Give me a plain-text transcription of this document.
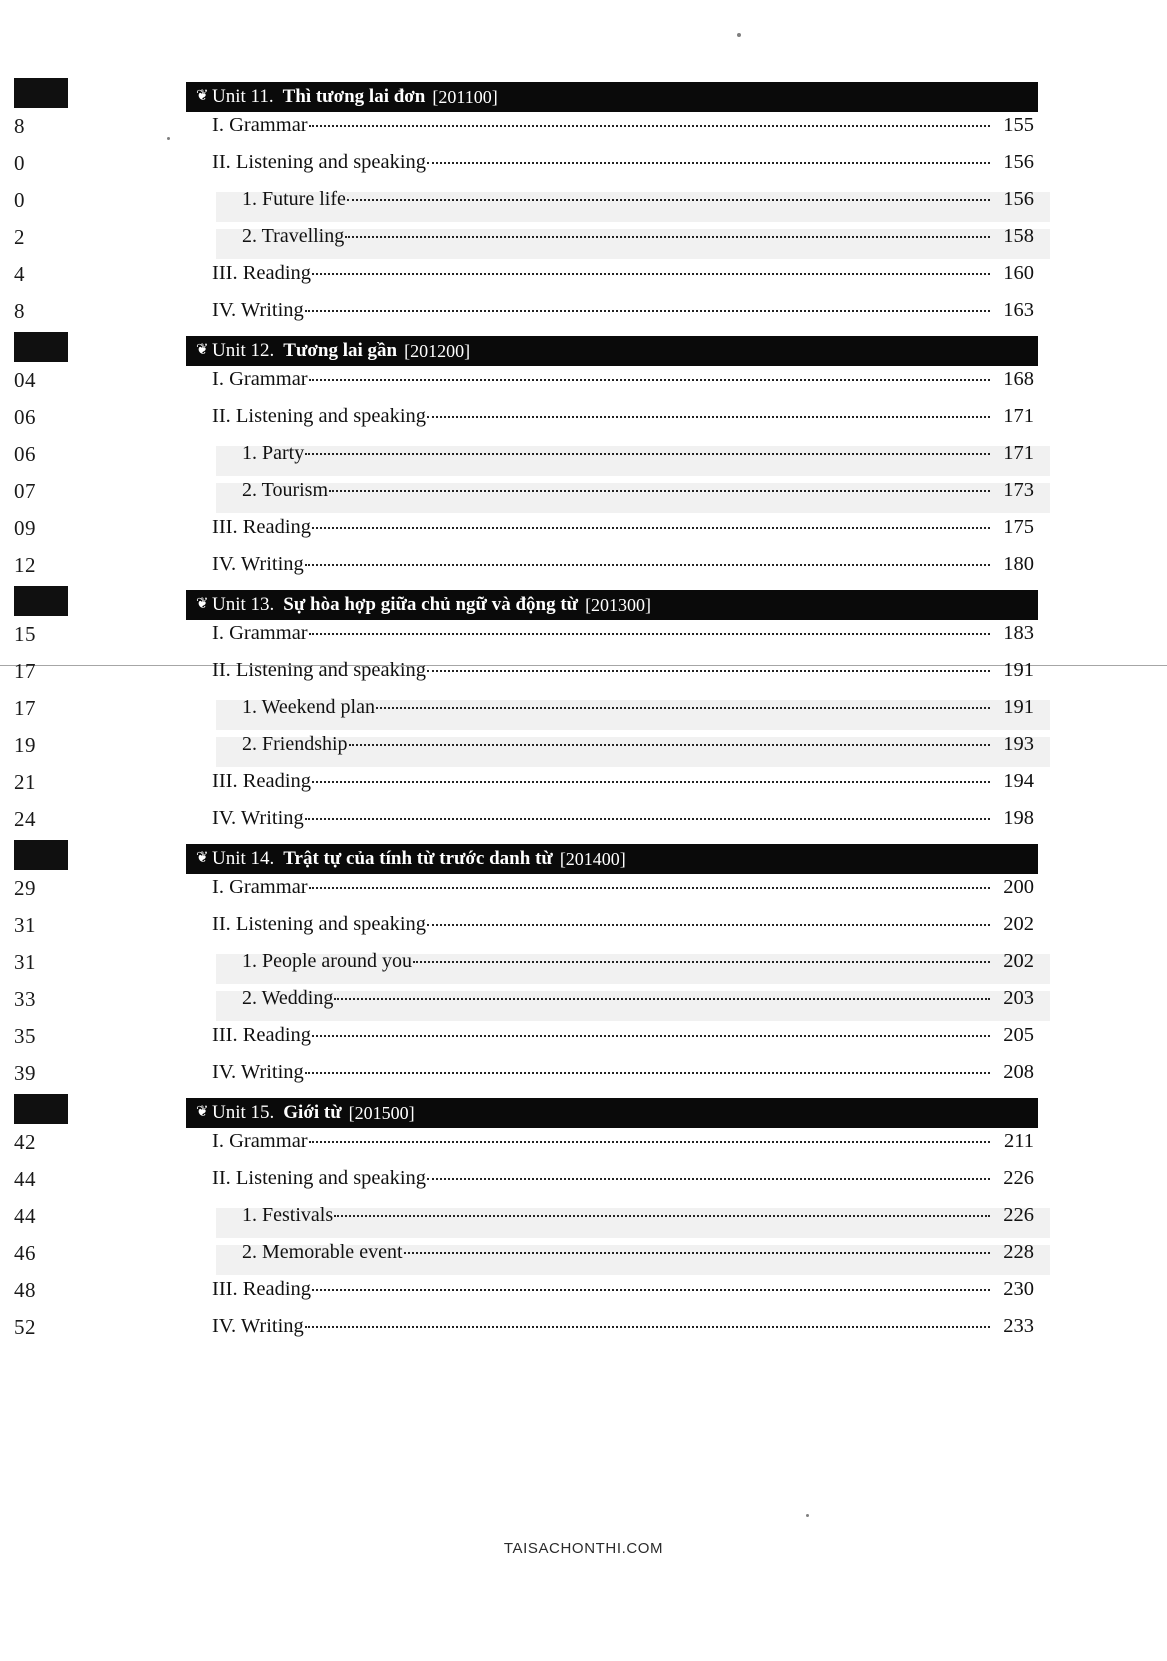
8
0
0
2
4
8
04
06
06
07
09
12
15
17
17
19
21
24
29
31
31
33
35
39
42
44
44
46
48
52
❦ Unit 11. Thì tương lai đơn [201100]
I. Grammar	155
II. Listening and speaking	156
1. Future life	156
2. Travelling	158
III. Reading	160
IV. Writing	163
❦ Unit 12. Tương lai gần [201200]
I. Grammar	168
II. Listening and speaking	171
1. Party	171
2. Tourism	173
III. Reading	175
IV. Writing	180
❦ Unit 13. Sự hòa hợp giữa chủ ngữ và động từ [201300]
I. Grammar	183
II. Listening and speaking	191
1. Weekend plan	191
2. Friendship	193
III. Reading	194
IV. Writing	198
❦ Unit 14. Trật tự của tính từ trước danh từ [201400]
I. Grammar	200
II. Listening and speaking	202
1. People around you	202
2. Wedding	203
III. Reading	205
IV. Writing	208
❦ Unit 15. Giới từ [201500]
I. Grammar	211
II. Listening and speaking	226
1. Festivals	226
2. Memorable event	228
III. Reading	230
IV. Writing	233
TAISACHONTHI.COM
